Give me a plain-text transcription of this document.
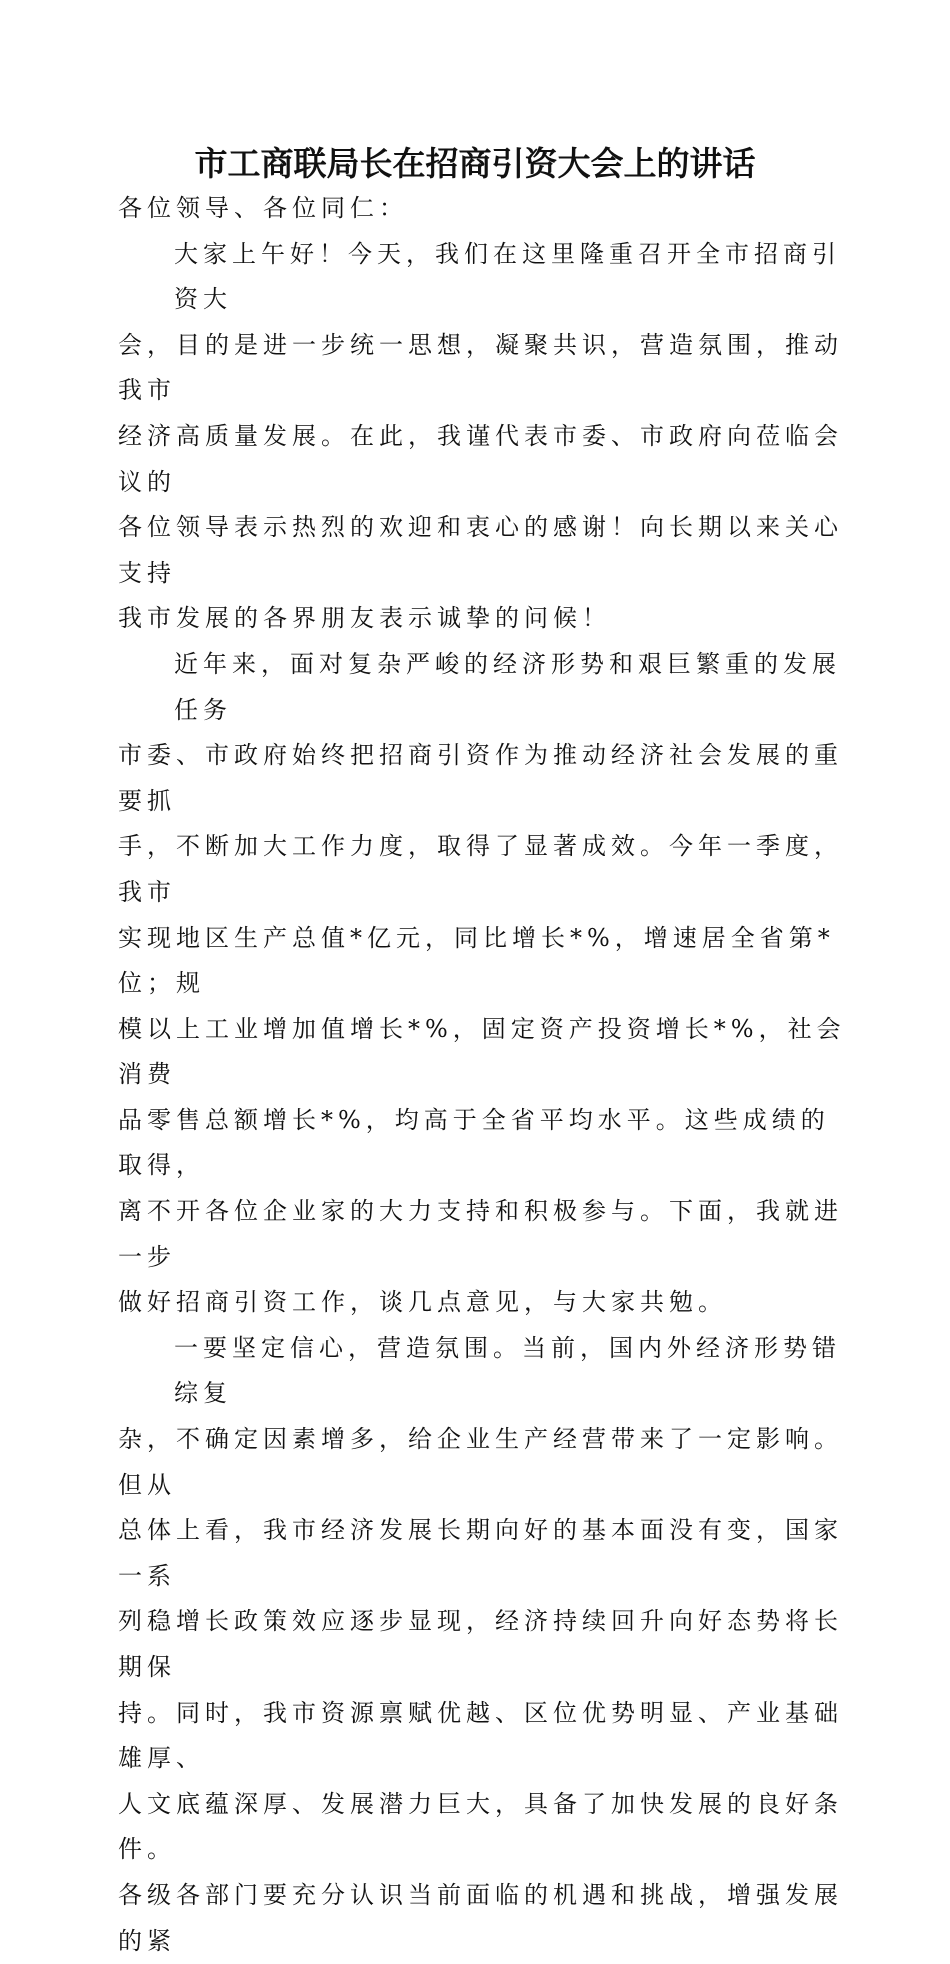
市工商联局长在招商引资大会上的讲话
各位领导、各位同仁：
大家上午好！今天，我们在这里隆重召开全市招商引资大
会，目的是进一步统一思想，凝聚共识，营造氛围，推动我市
经济高质量发展。在此，我谨代表市委、市政府向莅临会议的
各位领导表示热烈的欢迎和衷心的感谢！向长期以来关心支持
我市发展的各界朋友表示诚挚的问候！
近年来，面对复杂严峻的经济形势和艰巨繁重的发展任务
市委、市政府始终把招商引资作为推动经济社会发展的重要抓
手，不断加大工作力度，取得了显著成效。今年一季度，我市
实现地区生产总值*亿元，同比增长*%，增速居全省第*位；规
模以上工业增加值增长*%，固定资产投资增长*%，社会消费
品零售总额增长*%，均高于全省平均水平。这些成绩的取得，
离不开各位企业家的大力支持和积极参与。下面，我就进一步
做好招商引资工作，谈几点意见，与大家共勉。
一要坚定信心，营造氛围。当前，国内外经济形势错综复
杂，不确定因素增多，给企业生产经营带来了一定影响。但从
总体上看，我市经济发展长期向好的基本面没有变，国家一系
列稳增长政策效应逐步显现，经济持续回升向好态势将长期保
持。同时，我市资源禀赋优越、区位优势明显、产业基础雄厚、
人文底蕴深厚、发展潜力巨大，具备了加快发展的良好条件。
各级各部门要充分认识当前面临的机遇和挑战，增强发展的紧
